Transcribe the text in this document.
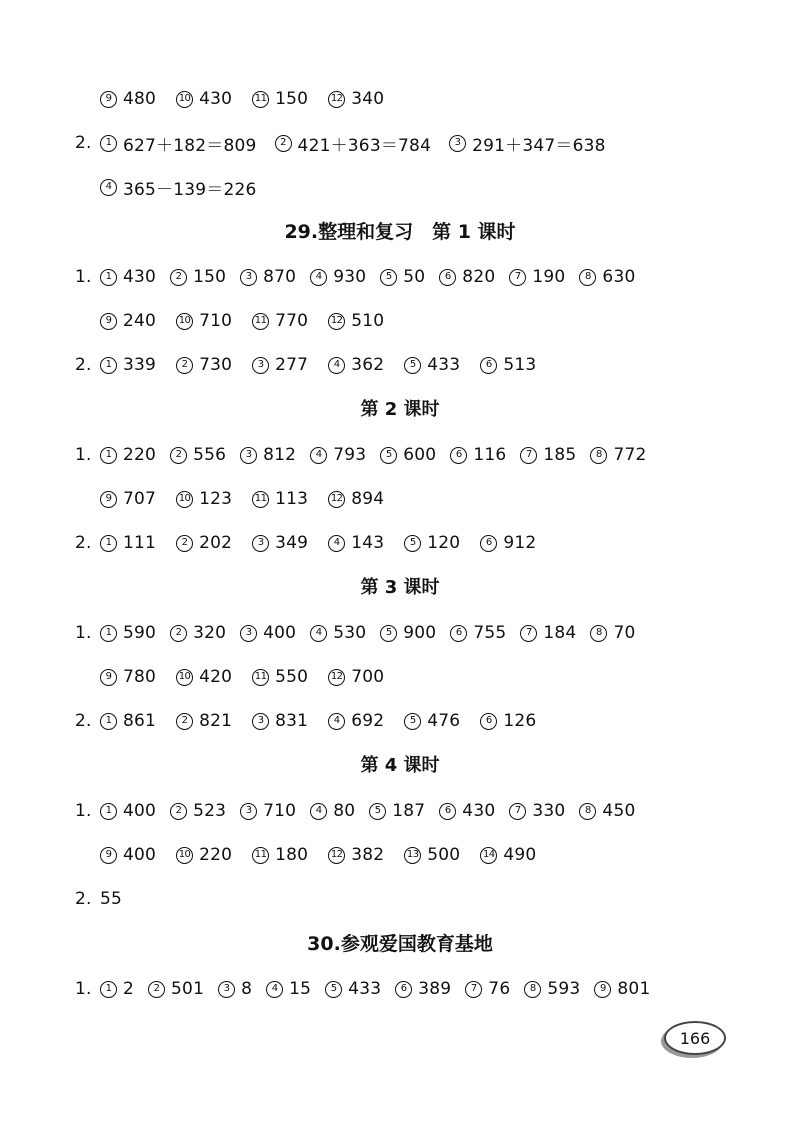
9 480 10 430 11 150 12 340
2.	1 627＋182＝809	2 421＋363＝784	3 291＋347＝638
4 365－139＝226
29.整理和复习　第 1 课时
1.	1 430	2 150	3 870	4 930	5 50	6 820	7 190	8 630
9 240 10 710 11 770 12 510
2.	1 339	2 730	3 277	4 362	5 433	6 513
第 2 课时
1.	1 220	2 556	3 812	4 793	5 600	6 116	7 185	8 772
9 707 10 123 11 113 12 894
2.	1 111	2 202	3 349	4 143	5 120	6 912
第 3 课时
1.	1 590	2 320	3 400	4 530	5 900	6 755	7 184	8 70
9 780 10 420 11 550 12 700
2.	1 861	2 821	3 831	4 692	5 476	6 126
第 4 课时
1.	1 400	2 523	3 710	4 80	5 187	6 430	7 330	8 450
9 400 10 220 11 180 12 382 13 500 14 490
2. 55
30.参观爱国教育基地
1.	1 2	2 501	3 8	4 15	5 433	6 389	7 76	8 593	9 801
166
